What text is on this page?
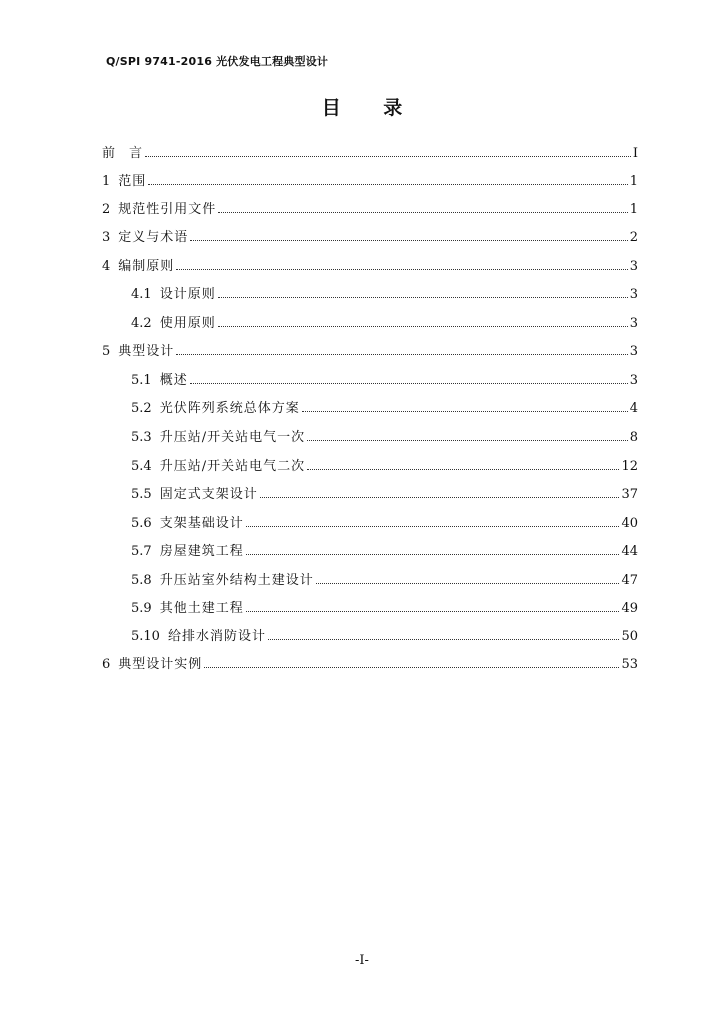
Q/SPI 9741-2016 光伏发电工程典型设计
目 录
前 言	I
1 范围	1
2 规范性引用文件	1
3 定义与术语	2
4 编制原则	3
4.1 设计原则	3
4.2 使用原则	3
5 典型设计	3
5.1 概述	3
5.2 光伏阵列系统总体方案	4
5.3 升压站/开关站电气一次	8
5.4 升压站/开关站电气二次	12
5.5 固定式支架设计	37
5.6 支架基础设计	40
5.7 房屋建筑工程	44
5.8 升压站室外结构土建设计	47
5.9 其他土建工程	49
5.10 给排水消防设计	50
6 典型设计实例	53
-I-
